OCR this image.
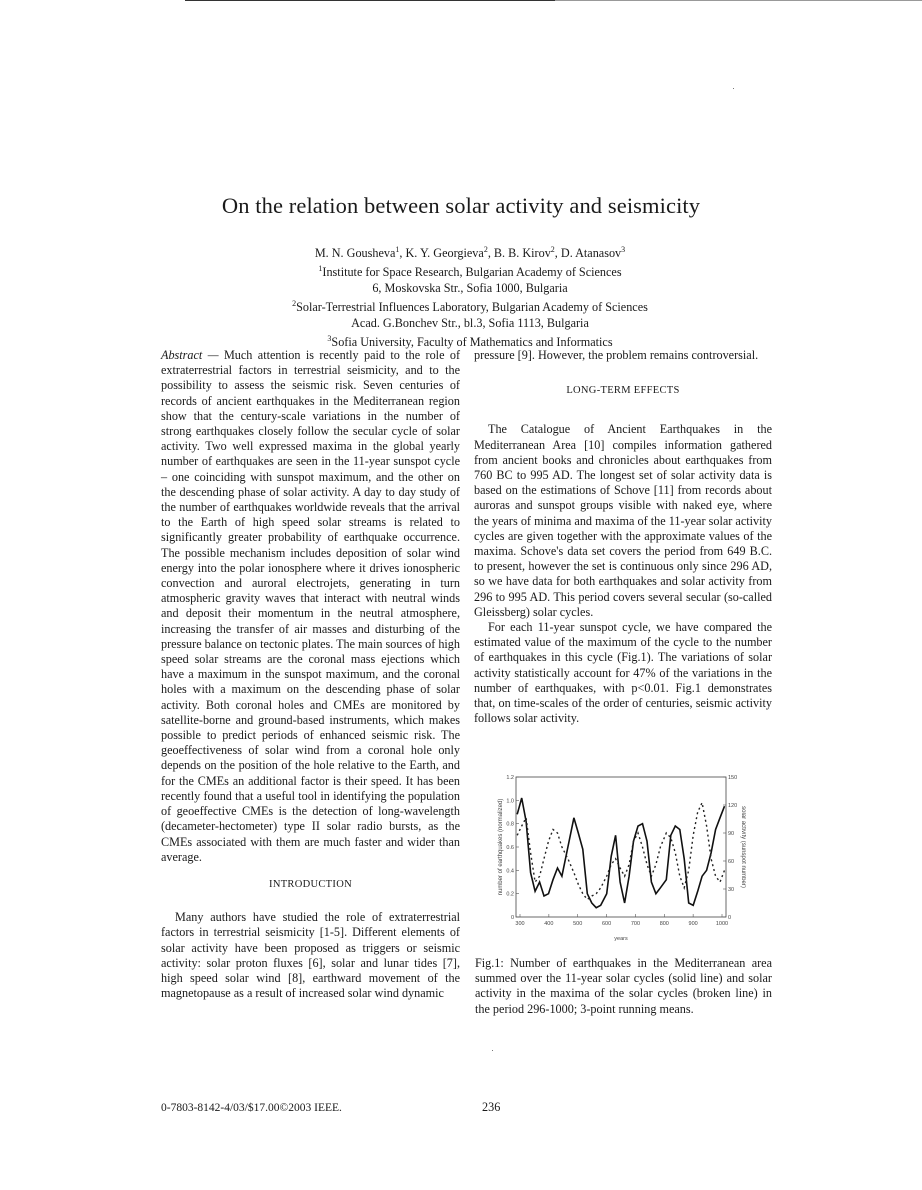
On the relation between solar activity and seismicity
M. N. Gousheva$^1$, K. Y. Georgieva$^2$, B. B. Kirov$^2$, D. Atanasov$^3$
$^1$Institute for Space Research, Bulgarian Academy of Sciences
6, Moskovska Str., Sofia 1000, Bulgaria
$^2$Solar-Terrestrial Influences Laboratory, Bulgarian Academy of Sciences
Acad. G.Bonchev Str., bl.3, Sofia 1113, Bulgaria
$^3$Sofia University, Faculty of Mathematics and Informatics

Abstract — Much attention is recently paid to the role of extraterrestrial factors in terrestrial seismicity, and to the possibility to assess the seismic risk. Seven centuries of records of ancient earthquakes in the Mediterranean region show that the century-scale variations in the number of strong earthquakes closely follow the secular cycle of solar activity. Two well expressed maxima in the global yearly number of earthquakes are seen in the 11-year sunspot cycle – one coinciding with sunspot maximum, and the other on the descending phase of solar activity. A day to day study of the number of earthquakes worldwide reveals that the arrival to the Earth of high speed solar streams is related to significantly greater probability of earthquake occurrence. The possible mechanism includes deposition of solar wind energy into the polar ionosphere where it drives ionospheric convection and auroral electrojets, generating in turn atmospheric gravity waves that interact with neutral winds and deposit their momentum in the neutral atmosphere, increasing the transfer of air masses and disturbing of the pressure balance on tectonic plates. The main sources of high speed solar streams are the coronal mass ejections which have a maximum in the sunspot maximum, and the coronal holes with a maximum on the descending phase of solar activity. Both coronal holes and CMEs are monitored by satellite-borne and ground-based instruments, which makes possible to predict periods of enhanced seismic risk. The geoeffectiveness of solar wind from a coronal hole only depends on the position of the hole relative to the Earth, and for the CMEs an additional factor is their speed. It has been recently found that a useful tool in identifying the population of geoeffective CMEs is the detection of long-wavelength (decameter-hectometer) type II solar radio bursts, as the CMEs associated with them are much faster and wider than average.

INTRODUCTION

Many authors have studied the role of extraterrestrial factors in terrestrial seismicity [1-5]. Different elements of solar activity have been proposed as triggers or seismic activity: solar proton fluxes [6], solar and lunar tides [7], high speed solar wind [8], earthward movement of the magnetopause as a result of increased solar wind dynamic

pressure [9]. However, the problem remains controversial.

LONG-TERM EFFECTS

The Catalogue of Ancient Earthquakes in the Mediterranean Area [10] compiles information gathered from ancient books and chronicles about earthquakes from 760 BC to 995 AD. The longest set of solar activity data is based on the estimations of Schove [11] from records about auroras and sunspot groups visible with naked eye, where the years of minima and maxima of the 11-year solar activity cycles are given together with the approximate values of the maxima. Schove's data set covers the period from 649 B.C. to present, however the set is continuous only since 296 AD, so we have data for both earthquakes and solar activity from 296 to 995 AD. This period covers several secular (so-called Gleissberg) solar cycles.

For each 11-year sunspot cycle, we have compared the estimated value of the maximum of the cycle to the number of earthquakes in this cycle (Fig.1). The variations of solar activity statistically account for 47% of the variations in the number of earthquakes, with p<0.01. Fig.1 demonstrates that, on time-scales of the order of centuries, seismic activity follows solar activity.

0
0.2
0.4
0.6
0.8
1.0
1.2
0
30
60
90
120
150
300	400	500	600	700	800	900	1000
number of earthquakes (normalized)	solar activity (sunspot number)
years
Fig.1: Number of earthquakes in the Mediterranean area summed over the 11-year solar cycles (solid line) and solar activity in the maxima of the solar cycles (broken line) in the period 296-1000; 3-point running means.
0-7803-8142-4/03/$17.00©2003 IEEE.	236
